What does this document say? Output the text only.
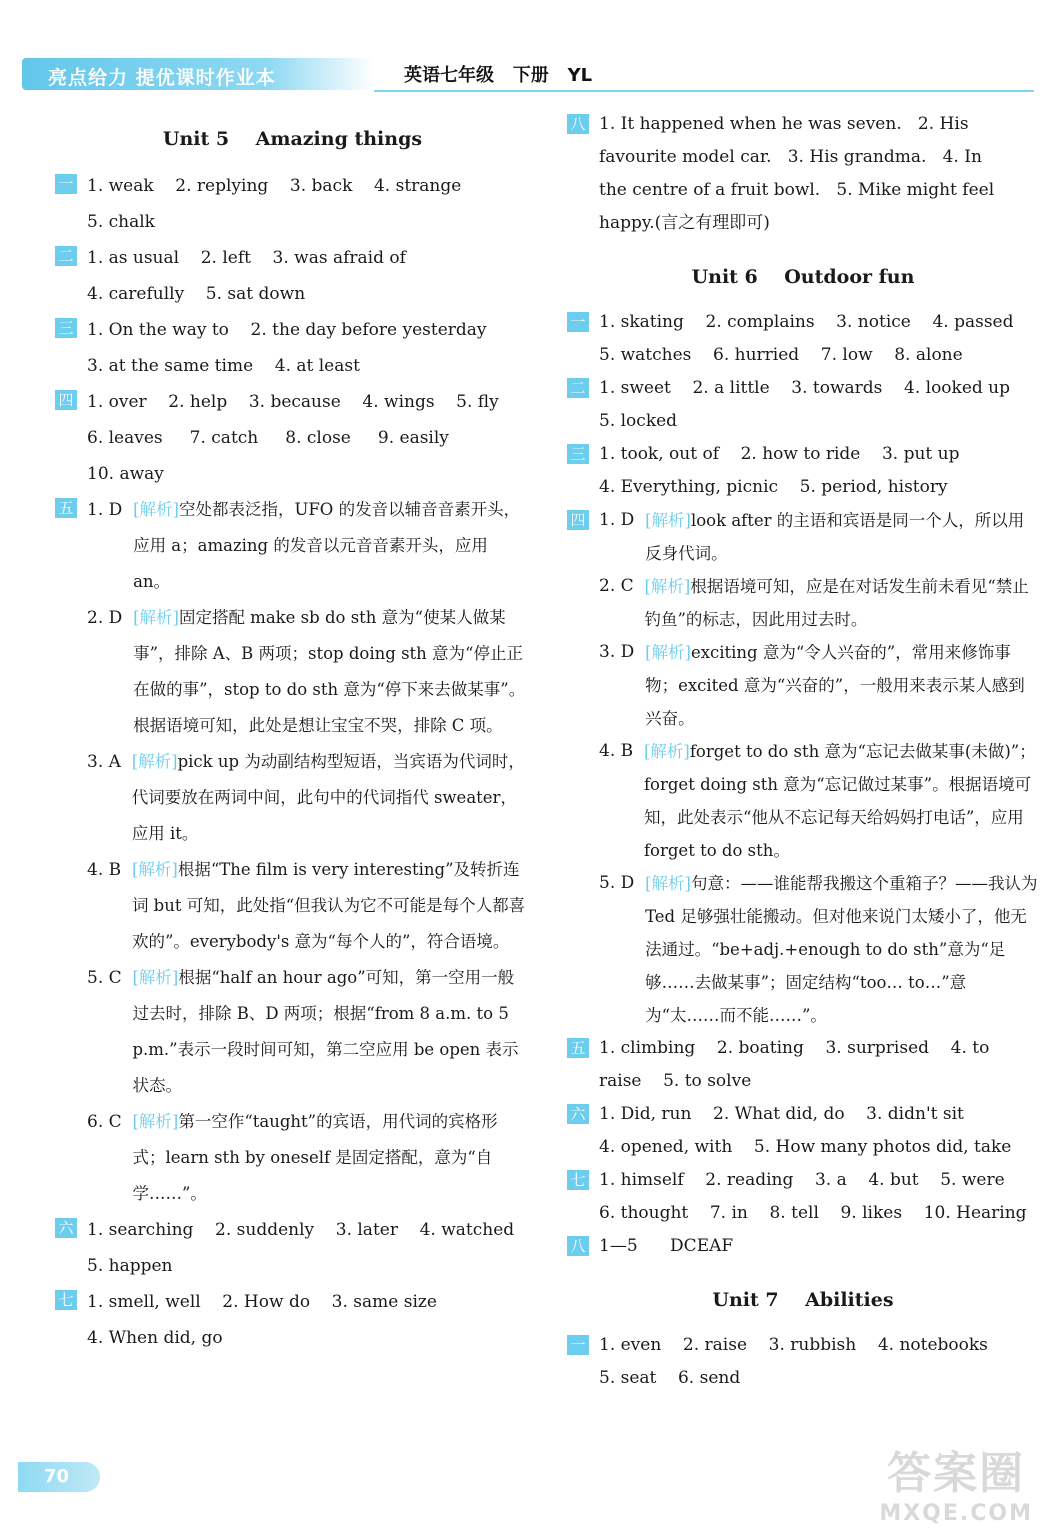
亮点给力 提优课时作业本	英语七年级   下册   YL
Unit 5    Amazing things
一 1. weak    2. replying    3. back    4. strange
5. chalk
二 1. as usual    2. left    3. was afraid of
4. carefully    5. sat down
三 1. On the way to    2. the day before yesterday
3. at the same time    4. at least
四 1. over    2. help    3. because    4. wings    5. fly
6. leaves     7. catch     8. close     9. easily
10. away
五 1. D [解析]空处都表泛指，UFO 的发音以辅音音素开头，应用 a；amazing 的发音以元音音素开头，应用 an。
2. D [解析]固定搭配 make sb do sth 意为“使某人做某事”，排除 A、B 两项；stop doing sth 意为“停止正在做的事”，stop to do sth 意为“停下来去做某事”。根据语境可知，此处是想让宝宝不哭，排除 C 项。
3. A [解析]pick up 为动副结构型短语，当宾语为代词时，代词要放在两词中间，此句中的代词指代 sweater，应用 it。
4. B [解析]根据“The film is very interesting”及转折连词 but 可知，此处指“但我认为它不可能是每个人都喜欢的”。everybody's 意为“每个人的”，符合语境。
5. C [解析]根据“half an hour ago”可知，第一空用一般过去时，排除 B、D 两项；根据“from 8 a.m. to 5 p.m.”表示一段时间可知，第二空应用 be open 表示状态。
6. C [解析]第一空作“taught”的宾语，用代词的宾格形式；learn sth by oneself 是固定搭配，意为“自学……”。
六 1. searching    2. suddenly    3. later    4. watched
5. happen
七 1. smell, well    2. How do    3. same size
4. When did, go
八 1. It happened when he was seven.   2. His
favourite model car.   3. His grandma.   4. In
the centre of a fruit bowl.   5. Mike might feel
happy.(言之有理即可)
Unit 6    Outdoor fun
一 1. skating    2. complains    3. notice    4. passed
5. watches    6. hurried    7. low    8. alone
二 1. sweet    2. a little    3. towards    4. looked up
5. locked
三 1. took, out of    2. how to ride    3. put up
4. Everything, picnic    5. period, history
四 1. D [解析]look after 的主语和宾语是同一个人，所以用反身代词。
2. C [解析]根据语境可知，应是在对话发生前未看见“禁止钓鱼”的标志，因此用过去时。
3. D [解析]exciting 意为“令人兴奋的”，常用来修饰事物；excited 意为“兴奋的”，一般用来表示某人感到兴奋。
4. B [解析]forget to do sth 意为“忘记去做某事(未做)”；forget doing sth 意为“忘记做过某事”。根据语境可知，此处表示“他从不忘记每天给妈妈打电话”，应用 forget to do sth。
5. D [解析]句意：——谁能帮我搬这个重箱子？——我认为 Ted 足够强壮能搬动。但对他来说门太矮小了，他无法通过。“be+adj.+enough to do sth”意为“足够……去做某事”；固定结构“too… to…”意为“太……而不能……”。
五 1. climbing    2. boating    3. surprised    4. to
raise    5. to solve
六 1. Did, run    2. What did, do    3. didn't sit
4. opened, with    5. How many photos did, take
七 1. himself    2. reading    3. a    4. but    5. were
6. thought    7. in    8. tell    9. likes    10. Hearing
八 1—5      DCEAF
Unit 7    Abilities
一 1. even    2. raise    3. rubbish    4. notebooks
5. seat    6. send
70	答案圈
MXQE.COM
